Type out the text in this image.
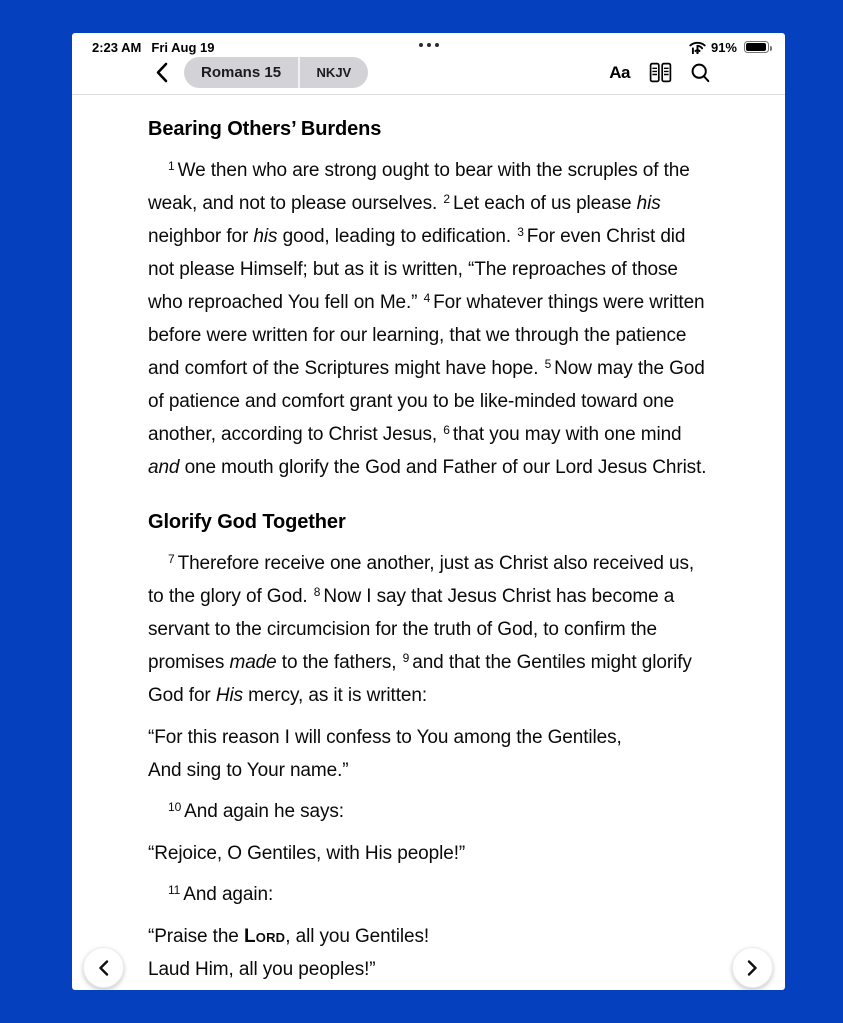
2:23 AM Fri Aug 19	91%
Romans 15	NKJV	Aa
Bearing Others’ Burdens
$^1$ We then who are strong ought to bear with the scruples of the weak, and not to please ourselves. $^2$ Let each of us please his neighbor for his good, leading to edification. $^3$ For even Christ did not please Himself; but as it is written, “The reproaches of those who reproached You fell on Me.” $^4$ For whatever things were written before were written for our learning, that we through the patience and comfort of the Scriptures might have hope. $^5$ Now may the God of patience and comfort grant you to be like-minded toward one another, according to Christ Jesus, $^6$ that you may with one mind and one mouth glorify the God and Father of our Lord Jesus Christ.
Glorify God Together
$^7$ Therefore receive one another, just as Christ also received us, to the glory of God. $^8$ Now I say that Jesus Christ has become a servant to the circumcision for the truth of God, to confirm the promises made to the fathers, $^9$ and that the Gentiles might glorify God for His mercy, as it is written:
“For this reason I will confess to You among the Gentiles,
And sing to Your name.”
$^{10}$ And again he says:
“Rejoice, O Gentiles, with His people!”
$^{11}$ And again:
“Praise the Lord, all you Gentiles!
Laud Him, all you peoples!”
